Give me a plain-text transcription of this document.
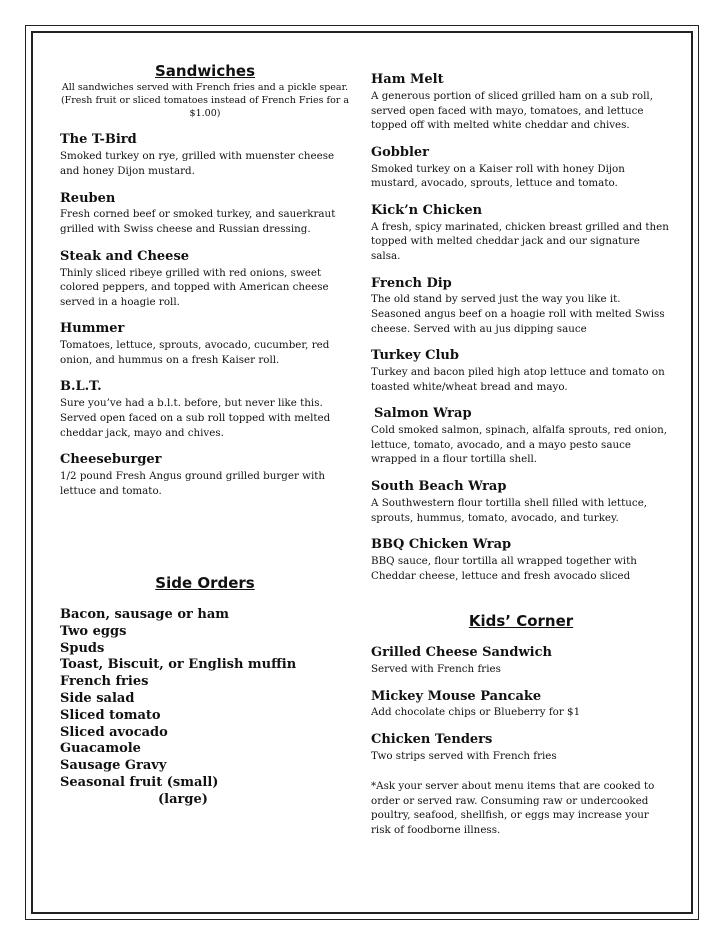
Sandwiches

All sandwiches served with French fries and a pickle spear. (Fresh fruit or sliced tomatoes instead of French Fries for a $1.00)

The T-Bird
Smoked turkey on rye, grilled with muenster cheese and honey Dijon mustard.
Reuben
Fresh corned beef or smoked turkey, and sauerkraut grilled with Swiss cheese and Russian dressing.
Steak and Cheese
Thinly sliced ribeye grilled with red onions, sweet colored peppers, and topped with American cheese served in a hoagie roll.
Hummer
Tomatoes, lettuce, sprouts, avocado, cucumber, red onion, and hummus on a fresh Kaiser roll.
B.L.T.
Sure you’ve had a b.l.t. before, but never like this. Served open faced on a sub roll topped with melted cheddar jack, mayo and chives.
Cheeseburger
1/2 pound Fresh Angus ground grilled burger with lettuce and tomato.
Ham Melt
A generous portion of sliced grilled ham on a sub roll, served open faced with mayo, tomatoes, and lettuce topped off with melted white cheddar and chives.
Gobbler
Smoked turkey on a Kaiser roll with honey Dijon mustard, avocado, sprouts, lettuce and tomato.
Kick’n Chicken
A fresh, spicy marinated, chicken breast grilled and then topped with melted cheddar jack and our signature salsa.
French Dip
The old stand by served just the way you like it. Seasoned angus beef on a hoagie roll with melted Swiss cheese. Served with au jus dipping sauce
Turkey Club
Turkey and bacon piled high atop lettuce and tomato on toasted white/wheat bread and mayo.
Salmon Wrap
Cold smoked salmon, spinach, alfalfa sprouts, red onion, lettuce, tomato, avocado, and a mayo pesto sauce wrapped in a flour tortilla shell.
South Beach Wrap
A Southwestern flour tortilla shell filled with lettuce, sprouts, hummus, tomato, avocado, and turkey.
BBQ Chicken Wrap
BBQ sauce, flour tortilla all wrapped together with Cheddar cheese, lettuce and fresh avocado sliced
Side Orders
Bacon, sausage or ham
Two eggs
Spuds
Toast, Biscuit, or English muffin
French fries
Side salad
Sliced tomato
Sliced avocado
Guacamole
Sausage Gravy
Seasonal fruit (small)
(large)
Kids’ Corner
Grilled Cheese Sandwich
Served with French fries
Mickey Mouse Pancake
Add chocolate chips or Blueberry for $1
Chicken Tenders
Two strips served with French fries
*Ask your server about menu items that are cooked to order or served raw. Consuming raw or undercooked poultry, seafood, shellfish, or eggs may increase your risk of foodborne illness.
